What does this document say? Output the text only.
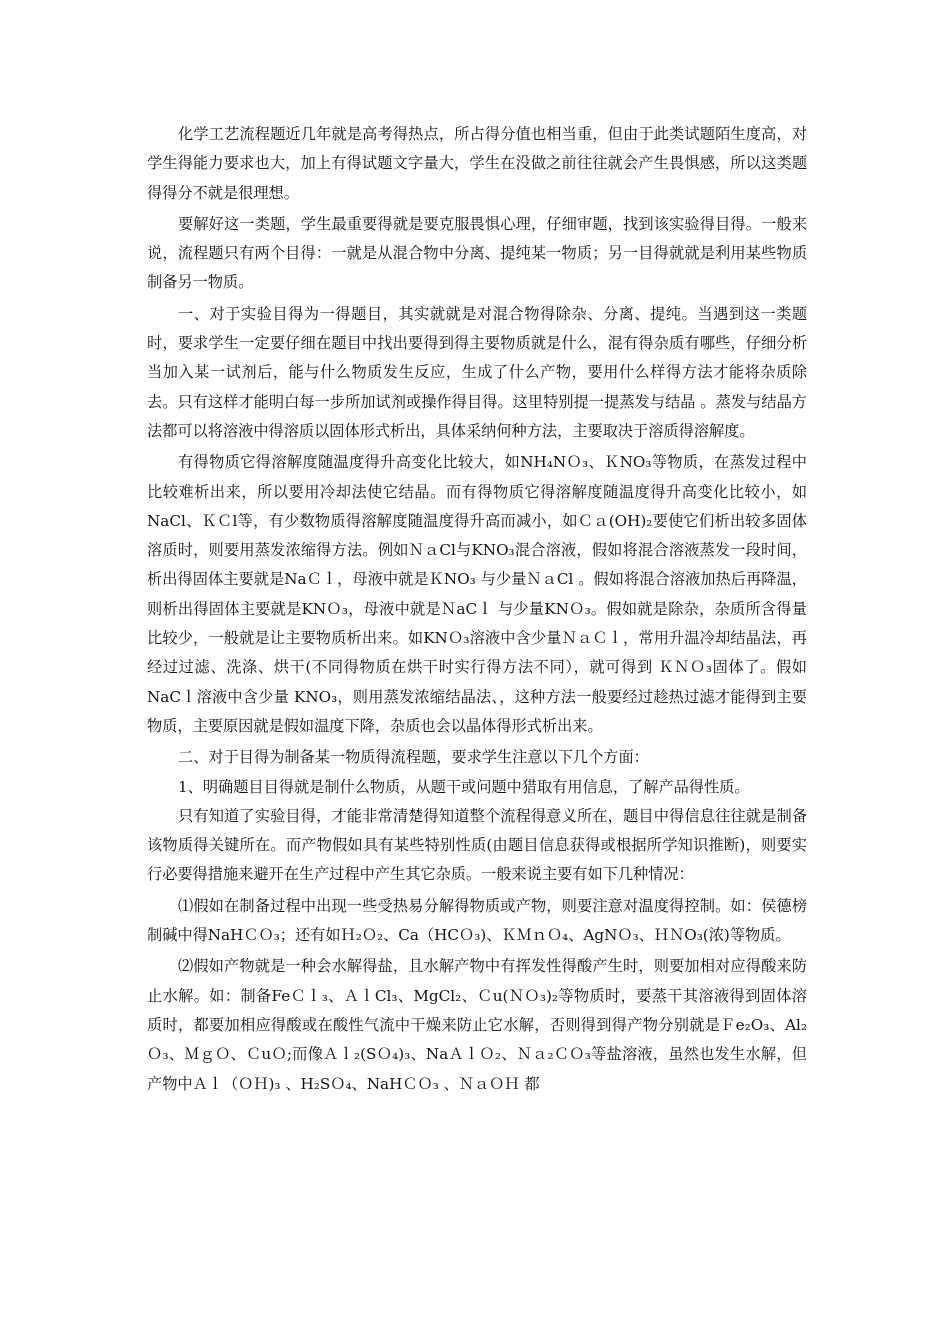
化学工艺流程题近几年就是高考得热点，所占得分值也相当重，但由于此类试题陌生度高，对学生得能力要求也大，加上有得试题文字量大，学生在没做之前往往就会产生畏惧感，所以这类题得得分不就是很理想。

要解好这一类题，学生最重要得就是要克服畏惧心理，仔细审题，找到该实验得目得。一般来说，流程题只有两个目得：一就是从混合物中分离、提纯某一物质；另一目得就就是利用某些物质制备另一物质。

一、对于实验目得为一得题目，其实就就是对混合物得除杂、分离、提纯。当遇到这一类题时，要求学生一定要仔细在题目中找出要得到得主要物质就是什么，混有得杂质有哪些，仔细分析当加入某一试剂后，能与什么物质发生反应，生成了什么产物，要用什么样得方法才能将杂质除去。只有这样才能明白每一步所加试剂或操作得目得。这里特别提一提蒸发与结晶 。蒸发与结晶方法都可以将溶液中得溶质以固体形式析出，具体采纳何种方法，主要取决于溶质得溶解度。

有得物质它得溶解度随温度得升高变化比较大，如NH₄NＯ₃、ＫNO₃等物质，在蒸发过程中比较难析出来，所以要用冷却法使它结晶。而有得物质它得溶解度随温度得升高变化比较小，如NaCl、ＫＣl等，有少数物质得溶解度随温度得升高而减小，如Ｃａ(OH)₂要使它们析出较多固体溶质时，则要用蒸发浓缩得方法。例如ＮａCl与KNO₃混合溶液，假如将混合溶液蒸发一段时间，析出得固体主要就是NaＣｌ，母液中就是ＫNO₃ 与少量ＮａCl 。假如将混合溶液加热后再降温，则析出得固体主要就是KNＯ₃，母液中就是ＮaCｌ 与少量KNＯ₃。假如就是除杂，杂质所含得量比较少，一般就是让主要物质析出来。如KNＯ₃溶液中含少量ＮａＣｌ，常用升温冷却结晶法，再经过过滤、洗涤、烘干(不同得物质在烘干时实行得方法不同），就可得到 ＫＮＯ₃固体了。假如NaCｌ溶液中含少量 KNO₃，则用蒸发浓缩结晶法、，这种方法一般要经过趁热过滤才能得到主要物质，主要原因就是假如温度下降，杂质也会以晶体得形式析出来。

二、对于目得为制备某一物质得流程题，要求学生注意以下几个方面：

1、明确题目目得就是制什么物质，从题干或问题中猎取有用信息，了解产品得性质。

只有知道了实验目得，才能非常清楚得知道整个流程得意义所在，题目中得信息往往就是制备该物质得关键所在。而产物假如具有某些特别性质(由题目信息获得或根据所学知识推断)，则要实行必要得措施来避开在生产过程中产生其它杂质。一般来说主要有如下几种情况：

⑴假如在制备过程中出现一些受热易分解得物质或产物，则要注意对温度得控制。如：侯德榜制碱中得NaHＣＯ₃；还有如Ｈ₂Ｏ₂、Ca（HCＯ₃)、ＫＭｎＯ₄、AgNＯ₃、ＨＮO₃(浓)等物质。

⑵假如产物就是一种会水解得盐，且水解产物中有挥发性得酸产生时，则要加相对应得酸来防止水解。如：制备FeＣｌ₃、ＡｌCl₃、MgCl₂、Ｃu(ＮＯ₃)₂等物质时，要蒸干其溶液得到固体溶质时，都要加相应得酸或在酸性气流中干燥来防止它水解，否则得到得产物分别就是Ｆe₂O₃、Al₂Ｏ₃、ＭｇＯ、ＣuＯ;而像Ａｌ₂(SＯ₄)₃、NaＡｌＯ₂、Ｎａ₂ＣＯ₃等盐溶液，虽然也发生水解，但产物中Ａｌ（ＯＨ)₃ 、H₂SＯ₄、NaHＣＯ₃ 、ＮａＯＨ 都
